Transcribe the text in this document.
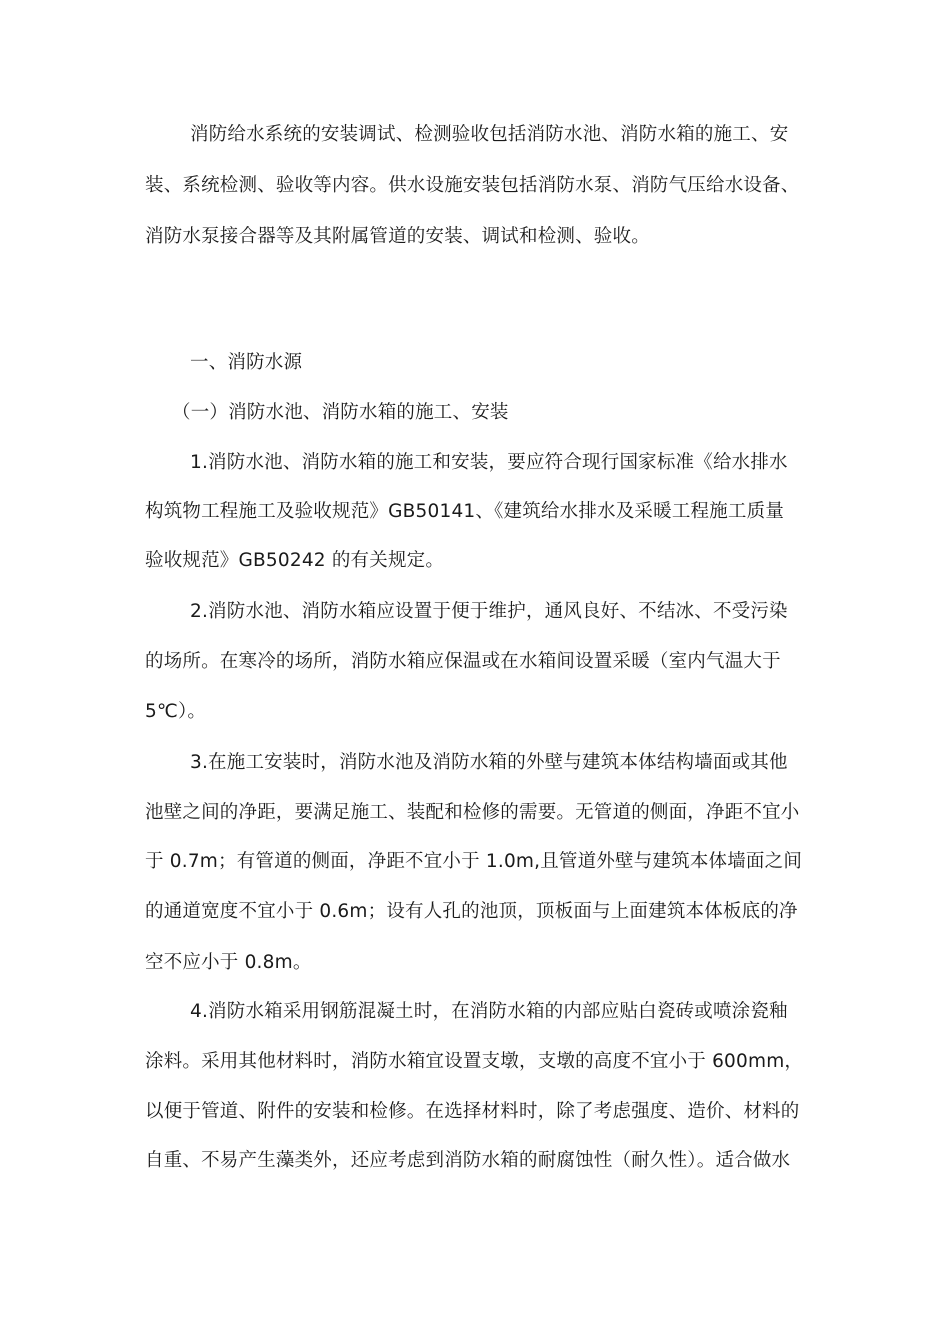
消防给水系统的安装调试、检测验收包括消防水池、消防水箱的施工、安
装、系统检测、验收等内容。供水设施安装包括消防水泵、消防气压给水设备、
消防水泵接合器等及其附属管道的安装、调试和检测、验收。
一、消防水源
（一）消防水池、消防水箱的施工、安装
1.消防水池、消防水箱的施工和安装，要应符合现行国家标准《给水排水
构筑物工程施工及验收规范》GB50141、《建筑给水排水及采暖工程施工质量
验收规范》GB50242 的有关规定。
2.消防水池、消防水箱应设置于便于维护，通风良好、不结冰、不受污染
的场所。在寒冷的场所，消防水箱应保温或在水箱间设置采暖（室内气温大于
5℃）。
3.在施工安装时，消防水池及消防水箱的外壁与建筑本体结构墙面或其他
池壁之间的净距，要满足施工、装配和检修的需要。无管道的侧面，净距不宜小
于 0.7m；有管道的侧面，净距不宜小于 1.0m,且管道外壁与建筑本体墙面之间
的通道宽度不宜小于 0.6m；设有人孔的池顶，顶板面与上面建筑本体板底的净
空不应小于 0.8m。
4.消防水箱采用钢筋混凝土时，在消防水箱的内部应贴白瓷砖或喷涂瓷釉
涂料。采用其他材料时，消防水箱宜设置支墩，支墩的高度不宜小于 600mm，
以便于管道、附件的安装和检修。在选择材料时，除了考虑强度、造价、材料的
自重、不易产生藻类外，还应考虑到消防水箱的耐腐蚀性（耐久性）。适合做水
